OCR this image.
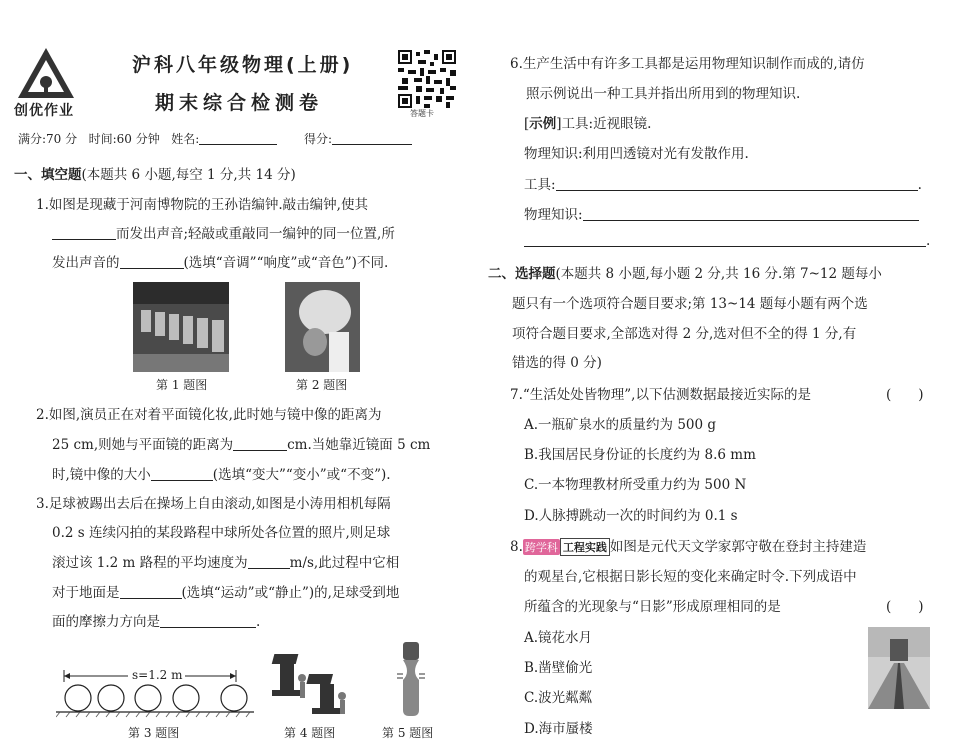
创优作业
沪科八年级物理(上册)
期末综合检测卷	答题卡
满分:70 分 时间:60 分钟 姓名:	得分:
一、填空题(本题共 6 小题,每空 1 分,共 14 分)
1.如图是现藏于河南博物院的王孙诰编钟.敲击编钟,使其
而发出声音;轻敲或重敲同一编钟的同一位置,所
发出声音的	(选填“音调”“响度”或“音色”)不同.
第 1 题图	第 2 题图
2.如图,演员正在对着平面镜化妆,此时她与镜中像的距离为
25 cm,则她与平面镜的距离为	cm.当她靠近镜面 5 cm
时,镜中像的大小	(选填“变大”“变小”或“不变”).
3.足球被踢出去后在操场上自由滚动,如图是小涛用相机每隔
0.2 s 连续闪拍的某段路程中球所处各位置的照片,则足球
滚过该 1.2 m 路程的平均速度为	m/s,此过程中它相
对于地面是	(选填“运动”或“静止”)的,足球受到地
面的摩擦力方向是	.
s=1.2 m
第 3 题图	第 4 题图	第 5 题图
6.生产生活中有许多工具都是运用物理知识制作而成的,请仿
照示例说出一种工具并指出所用到的物理知识.
[示例]工具:近视眼镜.
物理知识:利用凹透镜对光有发散作用.
工具:	.
物理知识:
.
二、选择题(本题共 8 小题,每小题 2 分,共 16 分.第 7~12 题每小
题只有一个选项符合题目要求;第 13~14 题每小题有两个选
项符合题目要求,全部选对得 2 分,选对但不全的得 1 分,有
错选的得 0 分)
7.“生活处处皆物理”,以下估测数据最接近实际的是	(　　)
A.一瓶矿泉水的质量约为 500 g
B.我国居民身份证的长度约为 8.6 mm
C.一本物理教材所受重力约为 500 N
D.人脉搏跳动一次的时间约为 0.1 s
8. 跨学科 工程实践 如图是元代天文学家郭守敬在登封主持建造
的观星台,它根据日影长短的变化来确定时令.下列成语中
所蕴含的光现象与“日影”形成原理相同的是	(　　)
A.镜花水月
B.凿壁偷光
C.波光粼粼
D.海市蜃楼
